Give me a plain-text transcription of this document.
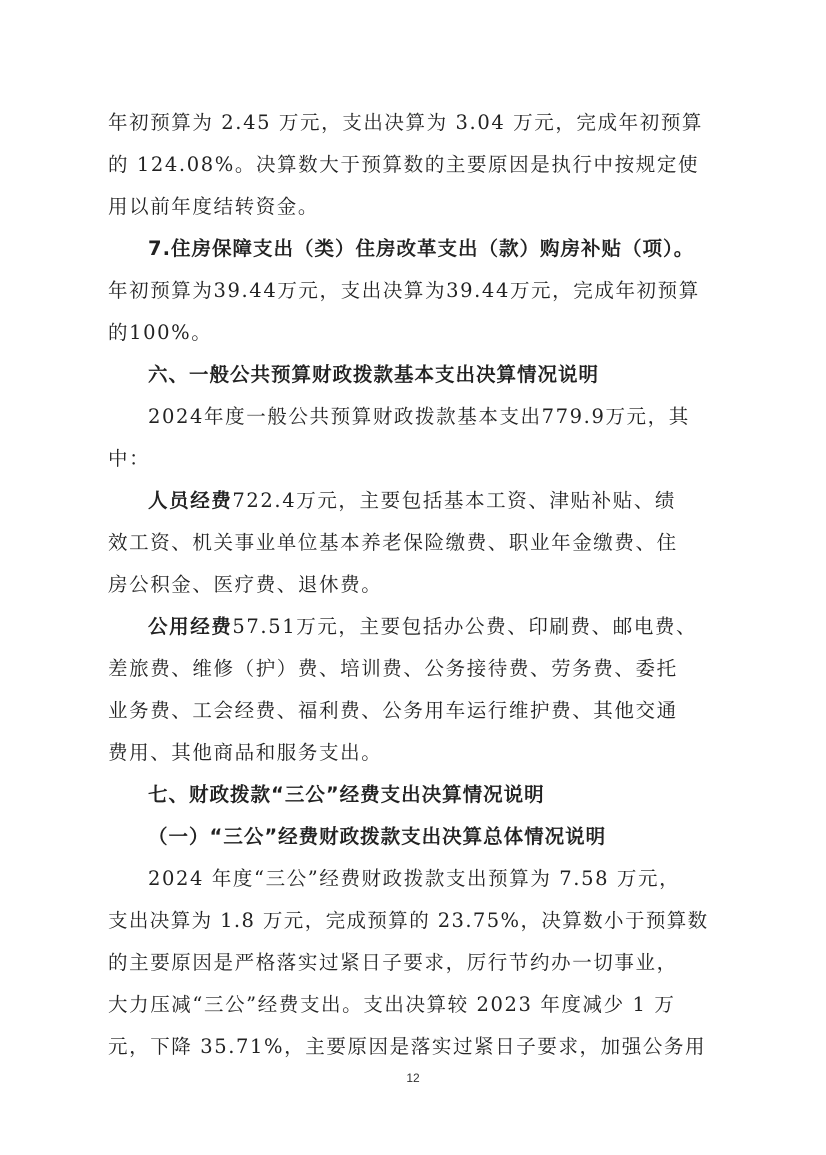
年初预算为 2.45 万元，支出决算为 3.04 万元，完成年初预算
的 124.08%。决算数大于预算数的主要原因是执行中按规定使
用以前年度结转资金。
7.住房保障支出（类）住房改革支出（款）购房补贴（项）。
年初预算为39.44万元，支出决算为39.44万元，完成年初预算
的100%。
六、一般公共预算财政拨款基本支出决算情况说明
2024年度一般公共预算财政拨款基本支出779.9万元，其
中：
人员经费722.4万元，主要包括基本工资、津贴补贴、绩
效工资、机关事业单位基本养老保险缴费、职业年金缴费、住
房公积金、医疗费、退休费。
公用经费57.51万元，主要包括办公费、印刷费、邮电费、
差旅费、维修（护）费、培训费、公务接待费、劳务费、委托
业务费、工会经费、福利费、公务用车运行维护费、其他交通
费用、其他商品和服务支出。
七、财政拨款“三公”经费支出决算情况说明
（一）“三公”经费财政拨款支出决算总体情况说明
2024 年度“三公”经费财政拨款支出预算为 7.58 万元，
支出决算为 1.8 万元，完成预算的 23.75%，决算数小于预算数
的主要原因是严格落实过紧日子要求，厉行节约办一切事业，
大力压减“三公”经费支出。支出决算较 2023 年度减少 1 万
元，下降 35.71%，主要原因是落实过紧日子要求，加强公务用
12
